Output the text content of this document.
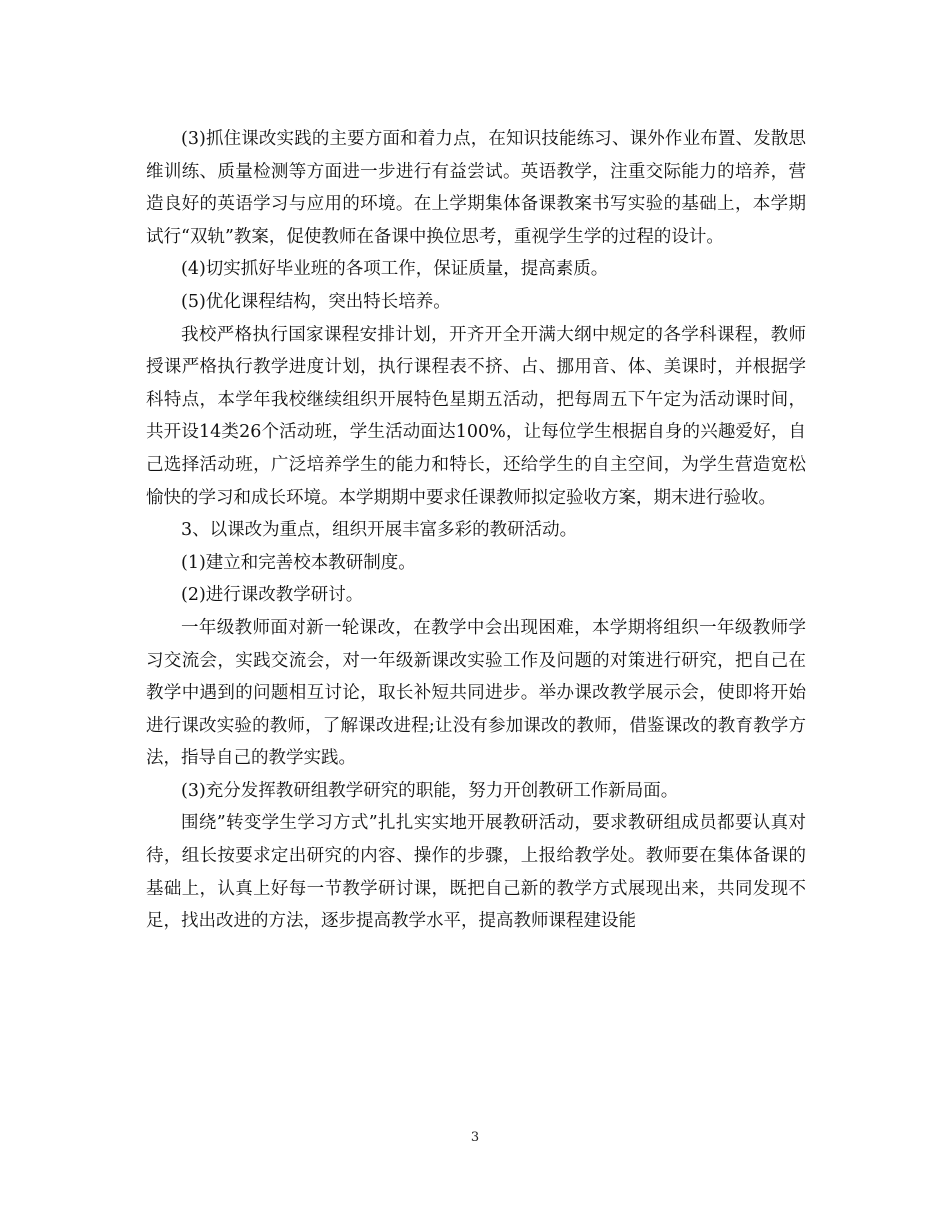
(3)抓住课改实践的主要方面和着力点，在知识技能练习、课外作业布置、发散思维训练、质量检测等方面进一步进行有益尝试。英语教学，注重交际能力的培养，营造良好的英语学习与应用的环境。在上学期集体备课教案书写实验的基础上，本学期试行“双轨”教案，促使教师在备课中换位思考，重视学生学的过程的设计。

(4)切实抓好毕业班的各项工作，保证质量，提高素质。

(5)优化课程结构，突出特长培养。

我校严格执行国家课程安排计划，开齐开全开满大纲中规定的各学科课程，教师授课严格执行教学进度计划，执行课程表不挤、占、挪用音、体、美课时，并根据学科特点，本学年我校继续组织开展特色星期五活动，把每周五下午定为活动课时间，共开设14类26个活动班，学生活动面达100%，让每位学生根据自身的兴趣爱好，自己选择活动班，广泛培养学生的能力和特长，还给学生的自主空间，为学生营造宽松愉快的学习和成长环境。本学期期中要求任课教师拟定验收方案，期末进行验收。

3、以课改为重点，组织开展丰富多彩的教研活动。

(1)建立和完善校本教研制度。

(2)进行课改教学研讨。

一年级教师面对新一轮课改，在教学中会出现困难，本学期将组织一年级教师学习交流会，实践交流会，对一年级新课改实验工作及问题的对策进行研究，把自己在教学中遇到的问题相互讨论，取长补短共同进步。举办课改教学展示会，使即将开始进行课改实验的教师，了解课改进程;让没有参加课改的教师，借鉴课改的教育教学方法，指导自己的教学实践。

(3)充分发挥教研组教学研究的职能，努力开创教研工作新局面。

围绕”转变学生学习方式”扎扎实实地开展教研活动，要求教研组成员都要认真对待，组长按要求定出研究的内容、操作的步骤，上报给教学处。教师要在集体备课的基础上，认真上好每一节教学研讨课，既把自己新的教学方式展现出来，共同发现不足，找出改进的方法，逐步提高教学水平，提高教师课程建设能

3
